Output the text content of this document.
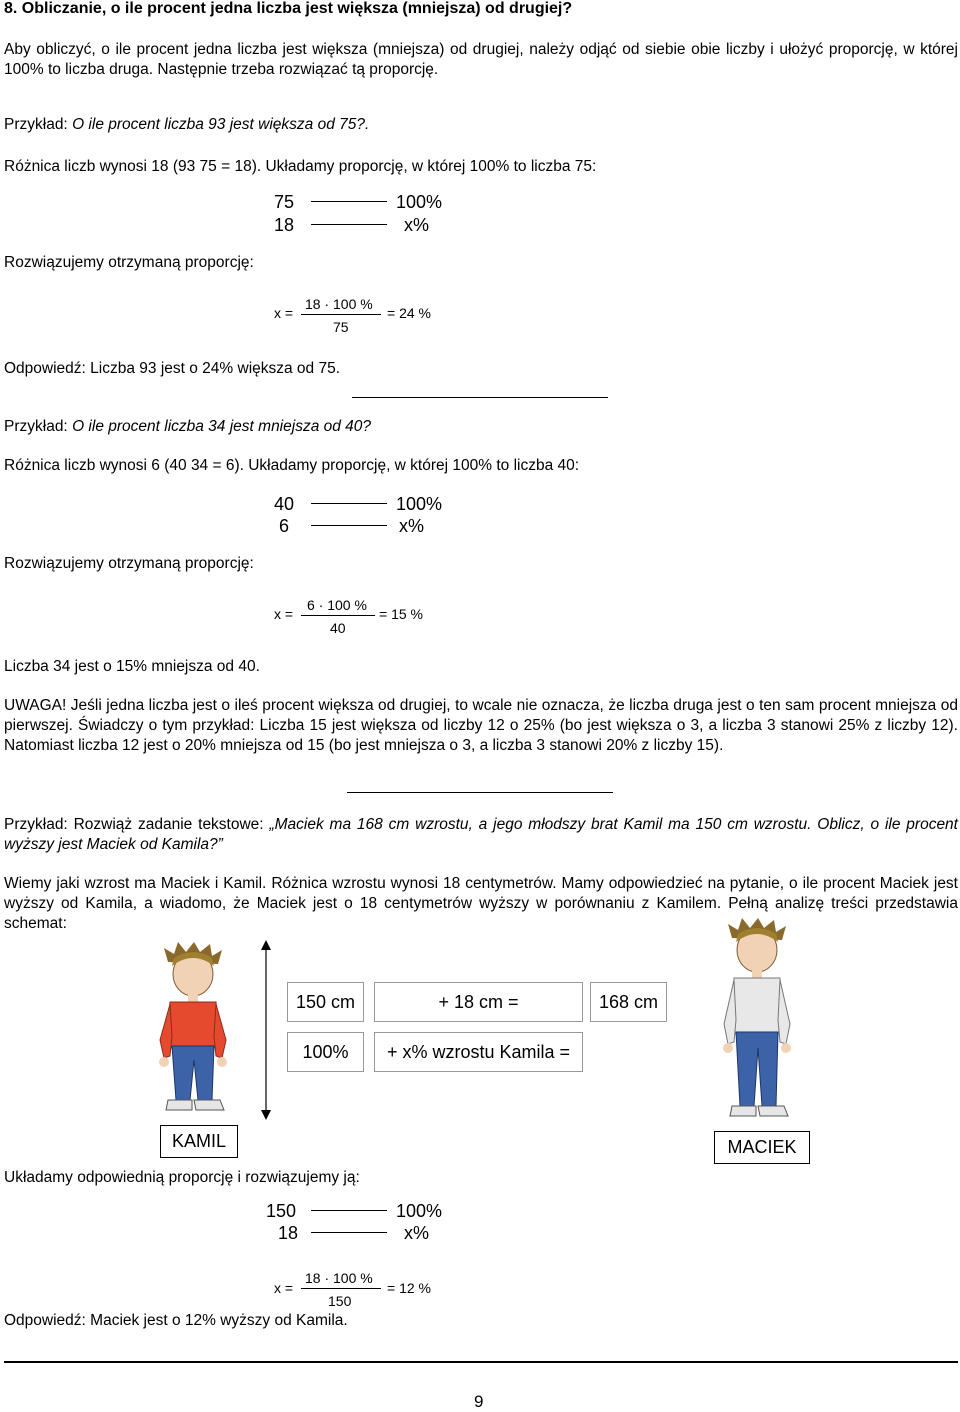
8. Obliczanie, o ile procent jedna liczba jest większa (mniejsza) od drugiej?
Aby obliczyć, o ile procent jedna liczba jest większa (mniejsza) od drugiej, należy odjąć od siebie obie liczby i ułożyć proporcję, w której 100% to liczba druga. Następnie trzeba rozwiązać tą proporcję.
Przykład: O ile procent liczba 93 jest większa od 75?.
Różnica liczb wynosi 18 (93 75 = 18). Układamy proporcję, w której 100% to liczba 75:
75	100%
18	x%
Rozwiązujemy otrzymaną proporcję:
x =
18 · 100 %
75
= 24 %
Odpowiedź: Liczba 93 jest o 24% większa od 75.
Przykład: O ile procent liczba 34 jest mniejsza od 40?
Różnica liczb wynosi 6 (40 34 = 6). Układamy proporcję, w której 100% to liczba 40:
40	100%
6	x%
Rozwiązujemy otrzymaną proporcję:
x =
6 · 100 %
40
= 15 %
Liczba 34 jest o 15% mniejsza od 40.
UWAGA! Jeśli jedna liczba jest o ileś procent większa od drugiej, to wcale nie oznacza, że liczba druga jest o ten sam procent mniejsza od pierwszej. Świadczy o tym przykład: Liczba 15 jest większa od liczby 12 o 25% (bo jest większa o 3, a liczba 3 stanowi 25% z liczby 12). Natomiast liczba 12 jest o 20% mniejsza od 15 (bo jest mniejsza o 3, a liczba 3 stanowi 20% z liczby 15).
Przykład: Rozwiąż zadanie tekstowe: „Maciek ma 168 cm wzrostu, a jego młodszy brat Kamil ma 150 cm wzrostu. Oblicz, o ile procent wyższy jest Maciek od Kamila?”
Wiemy jaki wzrost ma Maciek i Kamil. Różnica wzrostu wynosi 18 centymetrów. Mamy odpowiedzieć na pytanie, o ile procent Maciek jest wyższy od Kamila, a wiadomo, że Maciek jest o 18 centymetrów wyższy w porównaniu z Kamilem. Pełną analizę treści przedstawia schemat:
150 cm	+ 18 cm =	168 cm
100%	+ x% wzrostu Kamila =
KAMIL	MACIEK
Układamy odpowiednią proporcję i rozwiązujemy ją:
150	100%
18	x%
x =
18 · 100 %
150
= 12 %
Odpowiedź: Maciek jest o 12% wyższy od Kamila.
9
